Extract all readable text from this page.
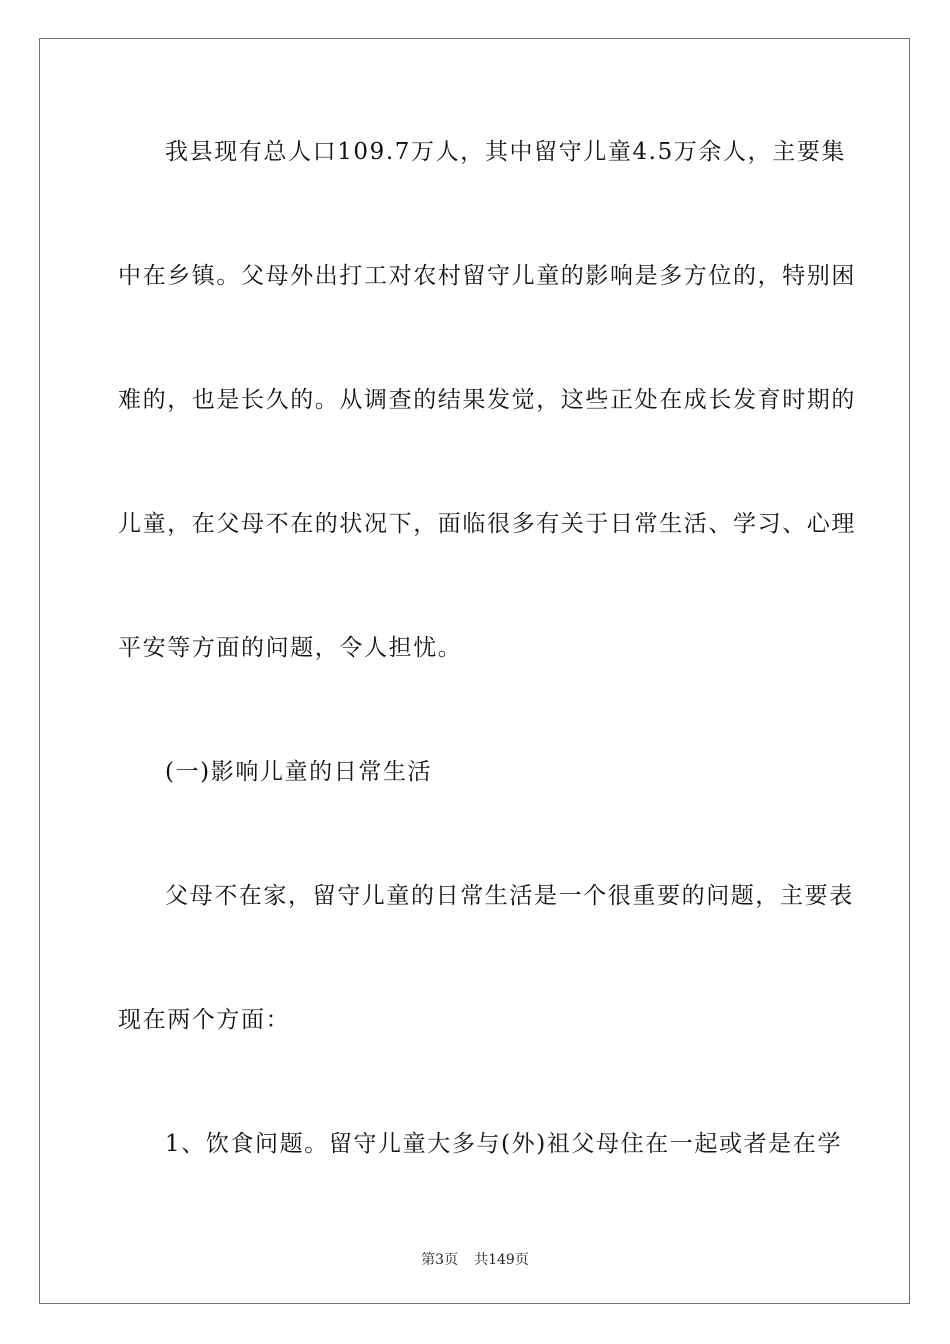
我县现有总人口109.7万人，其中留守儿童4.5万余人，主要集
中在乡镇。父母外出打工对农村留守儿童的影响是多方位的，特别困
难的，也是长久的。从调查的结果发觉，这些正处在成长发育时期的
儿童，在父母不在的状况下，面临很多有关于日常生活、学习、心理
平安等方面的问题，令人担忧。
(一)影响儿童的日常生活
父母不在家，留守儿童的日常生活是一个很重要的问题，主要表
现在两个方面：
1、饮食问题。留守儿童大多与(外)祖父母住在一起或者是在学
第3页 共149页
